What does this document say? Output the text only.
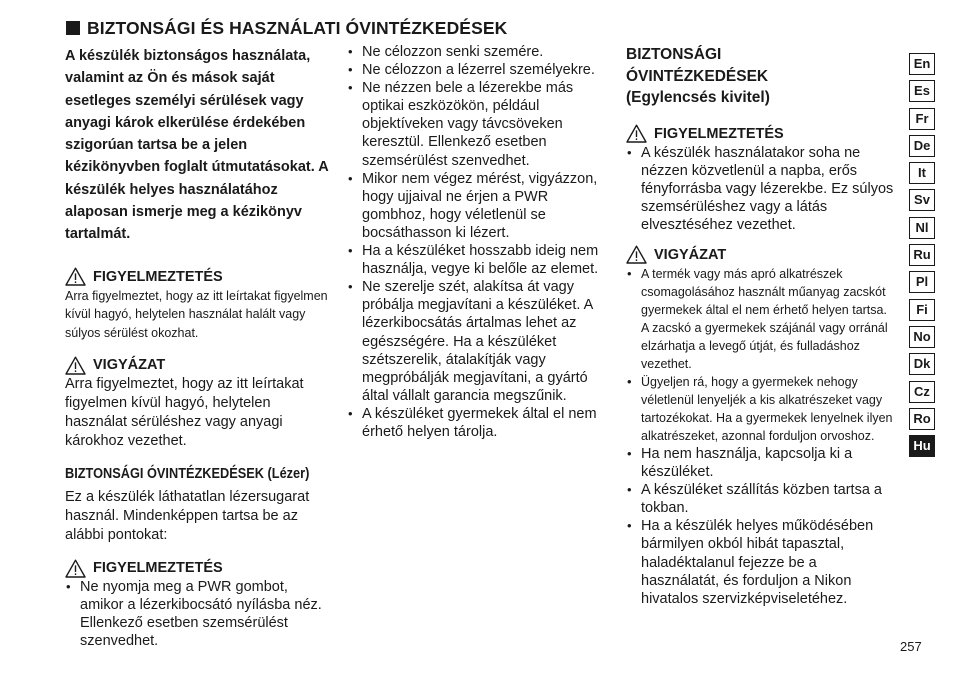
BIZTONSÁGI ÉS HASZNÁLATI ÓVINTÉZKEDÉSEK

A készülék biztonságos használata, valamint az Ön és mások saját esetleges személyi sérülések vagy anyagi károk elkerülése érdekében szigorúan tartsa be a jelen kézikönyvben foglalt útmutatásokat. A készülék helyes használatához alaposan ismerje meg a kézikönyv tartalmát.

FIGYELMEZTETÉS

Arra figyelmeztet, hogy az itt leírtakat figyelmen kívül hagyó, helytelen használat halált vagy súlyos sérülést okozhat.

VIGYÁZAT

Arra figyelmeztet, hogy az itt leírtakat figyelmen kívül hagyó, helytelen használat sérüléshez vagy anyagi károkhoz vezethet.

BIZTONSÁGI ÓVINTÉZKEDÉSEK (Lézer)

Ez a készülék láthatatlan lézersugarat használ. Mindenképpen tartsa be az alábbi pontokat:

FIGYELMEZTETÉS
• Ne nyomja meg a PWR gombot, amikor a lézerkibocsátó nyílásba néz. Ellenkező esetben szemsérülést szenvedhet.
• Ne célozzon senki szemére.
• Ne célozzon a lézerrel személyekre.
• Ne nézzen bele a lézerekbe más optikai eszközökön, például objektíveken vagy távcsöveken keresztül. Ellenkező esetben szemsérülést szenvedhet.
• Mikor nem végez mérést, vigyázzon, hogy ujjaival ne érjen a PWR gombhoz, hogy véletlenül se bocsáthasson ki lézert.
• Ha a készüléket hosszabb ideig nem használja, vegye ki belőle az elemet.
• Ne szerelje szét, alakítsa át vagy próbálja megjavítani a készüléket. A lézerkibocsátás ártalmas lehet az egészségére. Ha a készüléket szétszerelik, átalakítják vagy megpróbálják megjavítani, a gyártó által vállalt garancia megszűnik.
• A készüléket gyermekek által el nem érhető helyen tárolja.

BIZTONSÁGI ÓVINTÉZKEDÉSEK (Egylencsés kivitel)

FIGYELMEZTETÉS
• A készülék használatakor soha ne nézzen közvetlenül a napba, erős fényforrásba vagy lézerekbe. Ez súlyos szemsérüléshez vagy a látás elvesztéséhez vezethet.
VIGYÁZAT
• A termék vagy más apró alkatrészek csomagolásához használt műanyag zacskót gyermekek által el nem érhető helyen tartsa. A zacskó a gyermekek szájánál vagy orránál elzárhatja a levegő útját, és fulladáshoz vezethet.
• Ügyeljen rá, hogy a gyermekek nehogy véletlenül lenyeljék a kis alkatrészeket vagy tartozékokat. Ha a gyermekek lenyelnek ilyen alkatrészeket, azonnal forduljon orvoshoz.
• Ha nem használja, kapcsolja ki a készüléket.
• A készüléket szállítás közben tartsa a tokban.
• Ha a készülék helyes működésében bármilyen okból hibát tapasztal, haladéktalanul fejezze be a használatát, és forduljon a Nikon hivatalos szervizképviseletéhez.
En
Es
Fr
De
It
Sv
Nl
Ru
Pl
Fi
No
Dk
Cz
Ro
Hu
257
